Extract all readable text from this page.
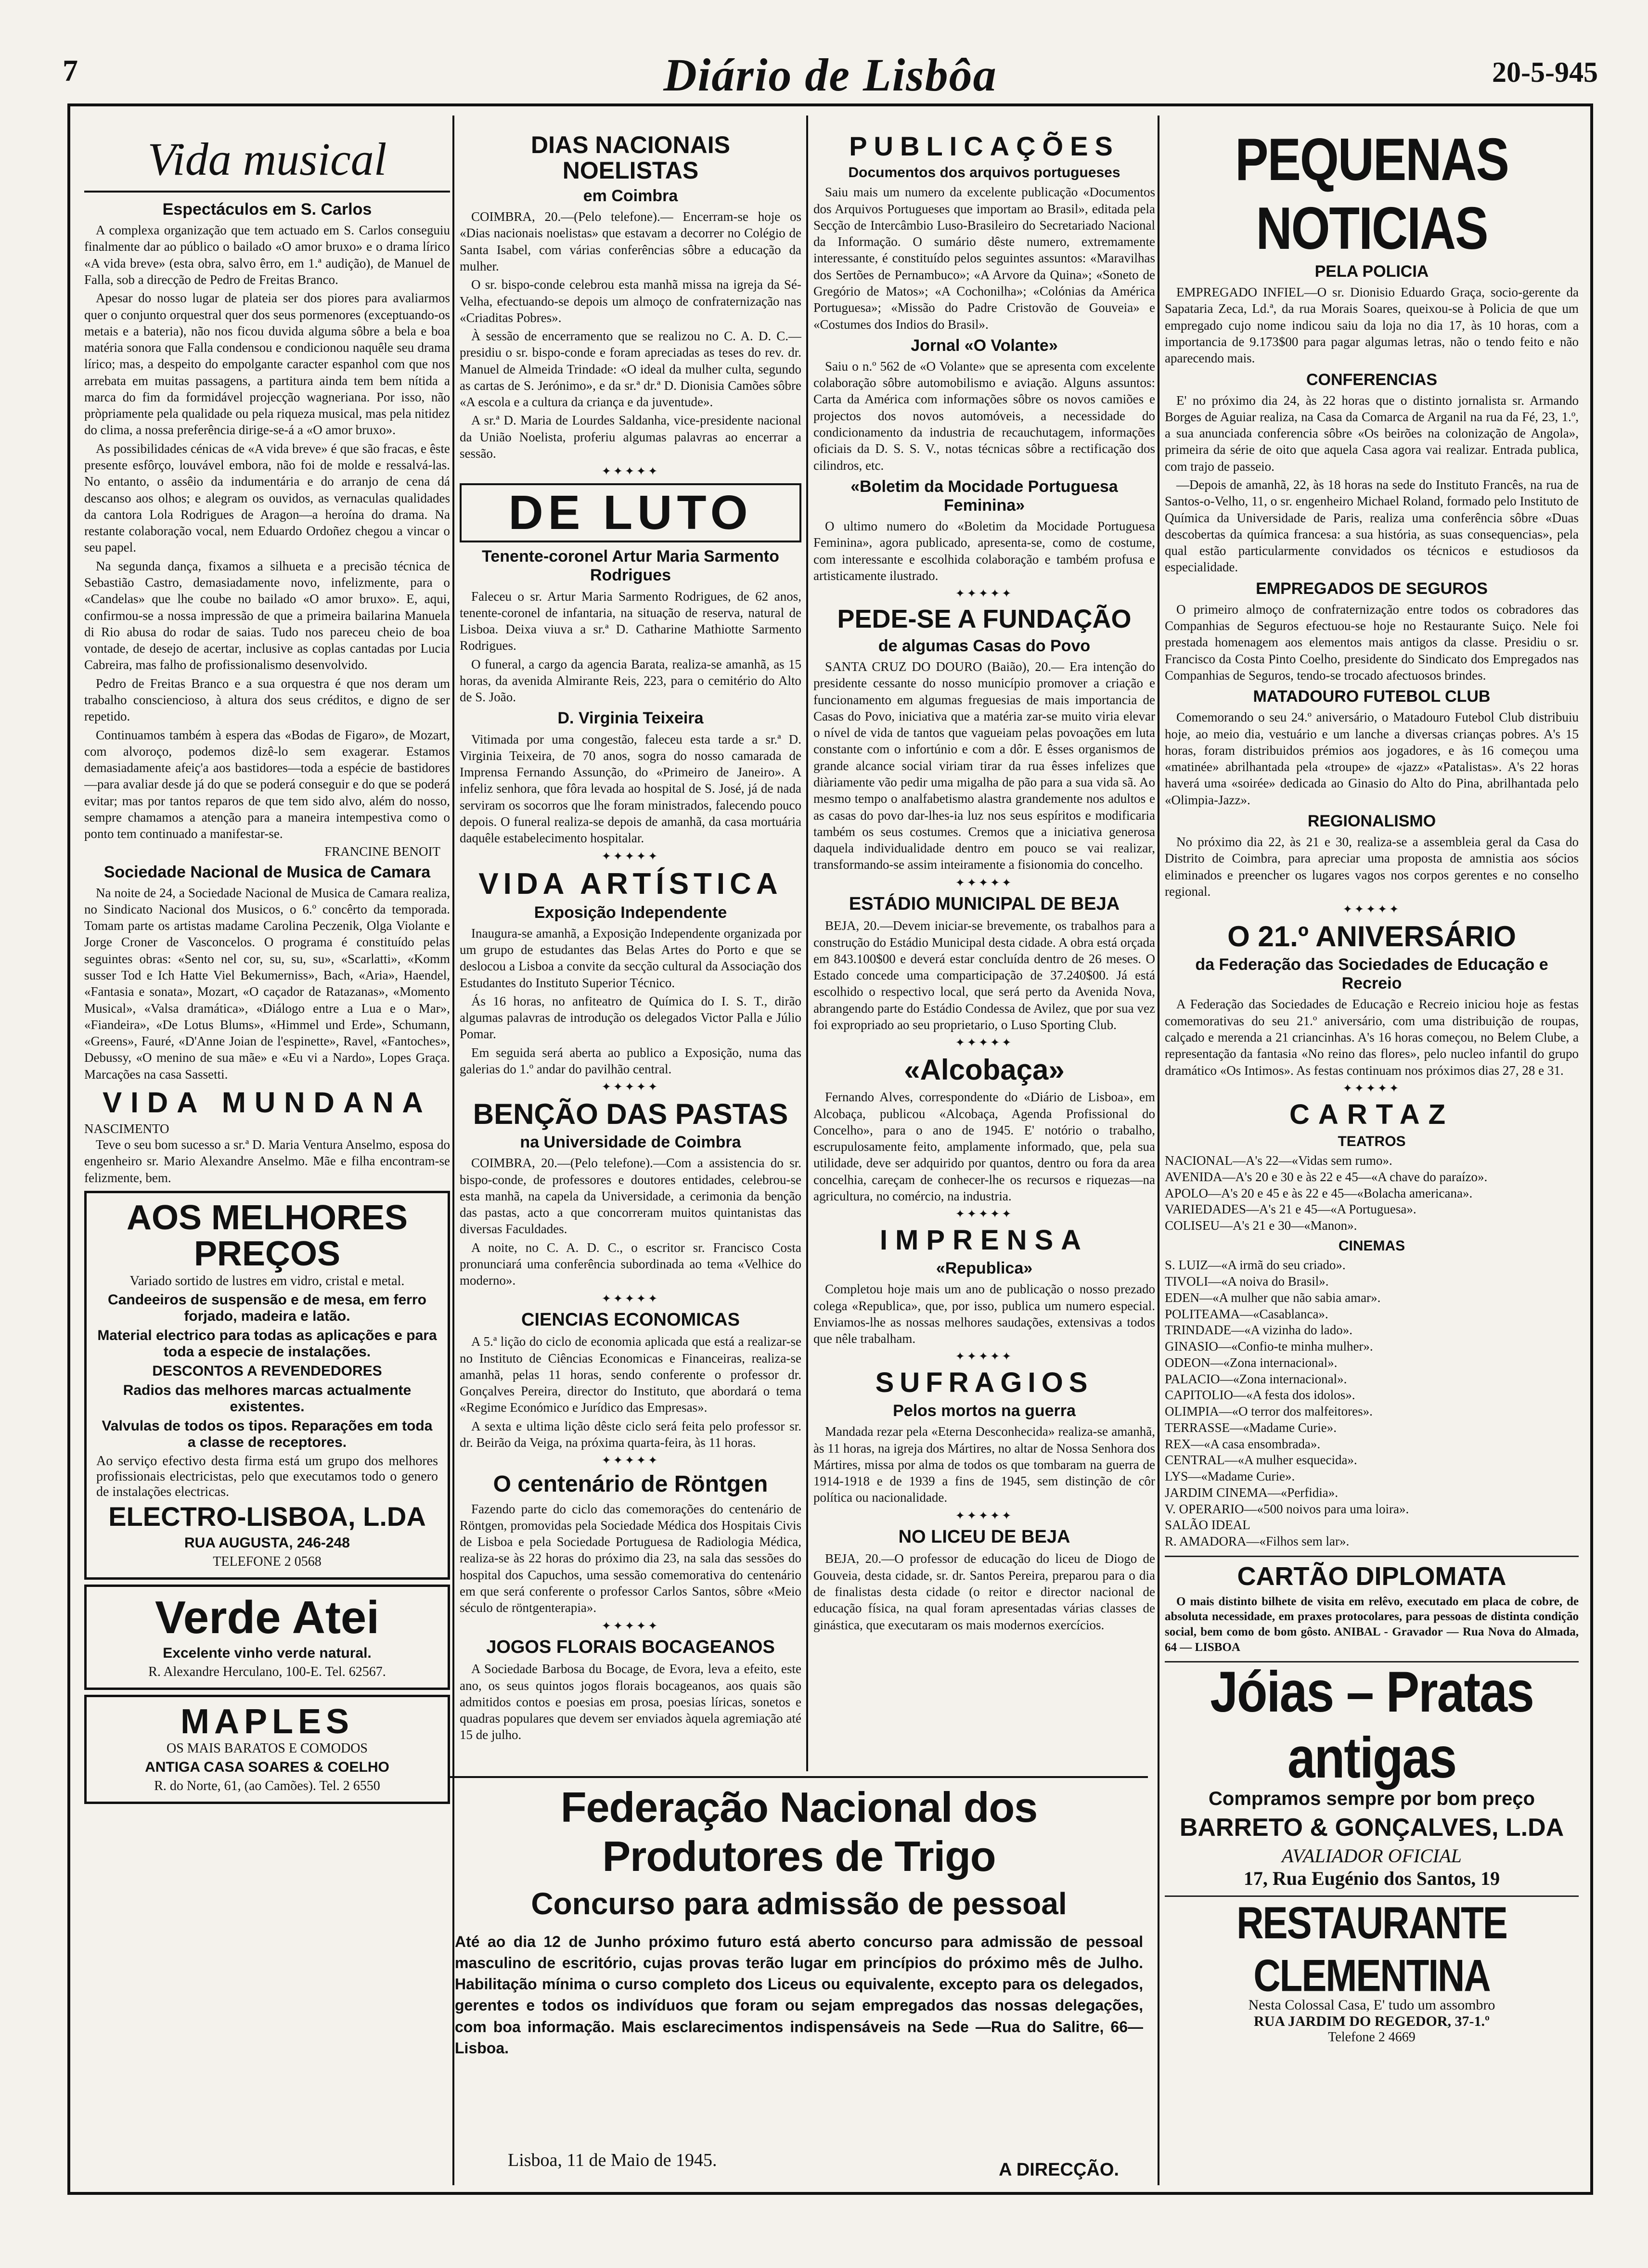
7	Diário de Lisbôa	20-5-945
Vida musical
Espectáculos em S. Carlos

A complexa organização que tem actuado em S. Carlos conseguiu finalmente dar ao público o bailado «O amor bruxo» e o drama lírico «A vida breve» (esta obra, salvo êrro, em 1.ª audição), de Manuel de Falla, sob a direcção de Pedro de Freitas Branco.

Apesar do nosso lugar de plateia ser dos piores para avaliarmos quer o conjunto orquestral quer dos seus pormenores (exceptuando-os metais e a bateria), não nos ficou duvida alguma sôbre a bela e boa matéria sonora que Falla condensou e condicionou naquêle seu drama lírico; mas, a despeito do empolgante caracter espanhol com que nos arrebata em muitas passagens, a partitura ainda tem bem nítida a marca do fim da formidável projecção wagneriana. Por isso, não pròpriamente pela qualidade ou pela riqueza musical, mas pela nitidez do clima, a nossa preferência dirige-se-á a «O amor bruxo».

As possibilidades cénicas de «A vida breve» é que são fracas, e êste presente esfôrço, louvável embora, não foi de molde e ressalvá-las. No entanto, o assêio da indumentária e do arranjo de cena dá descanso aos olhos; e alegram os ouvidos, as vernaculas qualidades da cantora Lola Rodrigues de Aragon—a heroína do drama. Na restante colaboração vocal, nem Eduardo Ordoñez chegou a vincar o seu papel.

Na segunda dança, fixamos a silhueta e a precisão técnica de Sebastião Castro, demasiadamente novo, infelizmente, para o «Candelas» que lhe coube no bailado «O amor bruxo». E, aqui, confirmou-se a nossa impressão de que a primeira bailarina Manuela di Rio abusa do rodar de saias. Tudo nos pareceu cheio de boa vontade, de desejo de acertar, inclusive as coplas cantadas por Lucia Cabreira, mas falho de profissionalismo desenvolvido.

Pedro de Freitas Branco e a sua orquestra é que nos deram um trabalho consciencioso, à altura dos seus créditos, e digno de ser repetido.

Continuamos também à espera das «Bodas de Figaro», de Mozart, com alvoroço, podemos dizê-lo sem exagerar. Estamos demasiadamente afeiç'a aos bastidores—toda a espécie de bastidores—para avaliar desde já do que se poderá conseguir e do que se poderá evitar; mas por tantos reparos de que tem sido alvo, além do nosso, sempre chamamos a atenção para a maneira intempestiva como o ponto tem continuado a manifestar-se.

FRANCINE BENOIT
Sociedade Nacional de Musica de Camara

Na noite de 24, a Sociedade Nacional de Musica de Camara realiza, no Sindicato Nacional dos Musicos, o 6.º concêrto da temporada. Tomam parte os artistas madame Carolina Peczenik, Olga Violante e Jorge Croner de Vasconcelos. O programa é constituído pelas seguintes obras: «Sento nel cor, su, su, su», «Scarlatti», «Komm susser Tod e Ich Hatte Viel Bekumerniss», Bach, «Aria», Haendel, «Fantasia e sonata», Mozart, «O caçador de Ratazanas», «Momento Musical», «Valsa dramática», «Diálogo entre a Lua e o Mar», «Fiandeira», «De Lotus Blums», «Himmel und Erde», Schumann, «Greens», Fauré, «D'Anne Joian de l'espinette», Ravel, «Fantoches», Debussy, «O menino de sua mãe» e «Eu vi a Nardo», Lopes Graça. Marcações na casa Sassetti.

VIDA MUNDANA
NASCIMENTO

Teve o seu bom sucesso a sr.ª D. Maria Ventura Anselmo, esposa do engenheiro sr. Mario Alexandre Anselmo. Mãe e filha encontram-se felizmente, bem.

AOS MELHORES PREÇOS
Variado sortido de lustres em vidro, cristal e metal.
Candeeiros de suspensão e de mesa, em ferro forjado, madeira e latão.
Material electrico para todas as aplicações e para toda a especie de instalações.
DESCONTOS A REVENDEDORES
Radios das melhores marcas actualmente existentes.
Valvulas de todos os tipos. Reparações em toda a classe de receptores.
Ao serviço efectivo desta firma está um grupo dos melhores profissionais electricistas, pelo que executamos todo o genero de instalações electricas.
ELECTRO-LISBOA, L.DA
RUA AUGUSTA, 246-248
TELEFONE 2 0568
Verde Atei
Excelente vinho verde natural.
R. Alexandre Herculano, 100-E. Tel. 62567.
MAPLES
OS MAIS BARATOS E COMODOS
ANTIGA CASA SOARES & COELHO
R. do Norte, 61, (ao Camões). Tel. 2 6550
DIAS NACIONAIS NOELISTAS
em Coimbra

COIMBRA, 20.—(Pelo telefone).— Encerram-se hoje os «Dias nacionais noelistas» que estavam a decorrer no Colégio de Santa Isabel, com várias conferências sôbre a educação da mulher.

O sr. bispo-conde celebrou esta manhã missa na igreja da Sé-Velha, efectuando-se depois um almoço de confraternização nas «Criaditas Pobres».

À sessão de encerramento que se realizou no C. A. D. C.—presidiu o sr. bispo-conde e foram apreciadas as teses do rev. dr. Manuel de Almeida Trindade: «O ideal da mulher culta, segundo as cartas de S. Jerónimo», e da sr.ª dr.ª D. Dionisia Camões sôbre «A escola e a cultura da criança e da juventude».

A sr.ª D. Maria de Lourdes Saldanha, vice-presidente nacional da União Noelista, proferiu algumas palavras ao encerrar a sessão.

✦✦✦✦✦
DE LUTO
Tenente-coronel Artur Maria Sarmento Rodrigues

Faleceu o sr. Artur Maria Sarmento Rodrigues, de 62 anos, tenente-coronel de infantaria, na situação de reserva, natural de Lisboa. Deixa viuva a sr.ª D. Catharine Mathiotte Sarmento Rodrigues.

O funeral, a cargo da agencia Barata, realiza-se amanhã, as 15 horas, da avenida Almirante Reis, 223, para o cemitério do Alto de S. João.

D. Virginia Teixeira

Vitimada por uma congestão, faleceu esta tarde a sr.ª D. Virginia Teixeira, de 70 anos, sogra do nosso camarada de Imprensa Fernando Assunção, do «Primeiro de Janeiro». A infeliz senhora, que fôra levada ao hospital de S. José, já de nada serviram os socorros que lhe foram ministrados, falecendo pouco depois. O funeral realiza-se depois de amanhã, da casa mortuária daquêle estabelecimento hospitalar.

✦✦✦✦✦
VIDA ARTÍSTICA
Exposição Independente

Inaugura-se amanhã, a Exposição Independente organizada por um grupo de estudantes das Belas Artes do Porto e que se deslocou a Lisboa a convite da secção cultural da Associação dos Estudantes do Instituto Superior Técnico.

Ás 16 horas, no anfiteatro de Química do I. S. T., dirão algumas palavras de introdução os delegados Victor Palla e Júlio Pomar.

Em seguida será aberta ao publico a Exposição, numa das galerias do 1.º andar do pavilhão central.

✦✦✦✦✦
BENÇÃO DAS PASTAS
na Universidade de Coimbra

COIMBRA, 20.—(Pelo telefone).—Com a assistencia do sr. bispo-conde, de professores e doutores entidades, celebrou-se esta manhã, na capela da Universidade, a cerimonia da benção das pastas, acto a que concorreram muitos quintanistas das diversas Faculdades.

A noite, no C. A. D. C., o escritor sr. Francisco Costa pronunciará uma conferência subordinada ao tema «Velhice do moderno».

✦✦✦✦✦
CIENCIAS ECONOMICAS

A 5.ª lição do ciclo de economia aplicada que está a realizar-se no Instituto de Ciências Economicas e Financeiras, realiza-se amanhã, pelas 11 horas, sendo conferente o professor dr. Gonçalves Pereira, director do Instituto, que abordará o tema «Regime Económico e Jurídico das Empresas».

A sexta e ultima lição dêste ciclo será feita pelo professor sr. dr. Beirão da Veiga, na próxima quarta-feira, às 11 horas.

✦✦✦✦✦
O centenário de Röntgen

Fazendo parte do ciclo das comemorações do centenário de Röntgen, promovidas pela Sociedade Médica dos Hospitais Civis de Lisboa e pela Sociedade Portuguesa de Radiologia Médica, realiza-se às 22 horas do próximo dia 23, na sala das sessões do hospital dos Capuchos, uma sessão comemorativa do centenário em que será conferente o professor Carlos Santos, sôbre «Meio século de röntgenterapia».

✦✦✦✦✦
JOGOS FLORAIS BOCAGEANOS

A Sociedade Barbosa du Bocage, de Evora, leva a efeito, este ano, os seus quintos jogos florais bocageanos, aos quais são admitidos contos e poesias em prosa, poesias líricas, sonetos e quadras populares que devem ser enviados àquela agremiação até 15 de julho.

PUBLICAÇÕES
Documentos dos arquivos portugueses

Saiu mais um numero da excelente publicação «Documentos dos Arquivos Portugueses que importam ao Brasil», editada pela Secção de Intercâmbio Luso-Brasileiro do Secretariado Nacional da Informação. O sumário dêste numero, extremamente interessante, é constituído pelos seguintes assuntos: «Maravilhas dos Sertões de Pernambuco»; «A Arvore da Quina»; «Soneto de Gregório de Matos»; «A Cochonilha»; «Colónias da América Portuguesa»; «Missão do Padre Cristovão de Gouveia» e «Costumes dos Indios do Brasil».

Jornal «O Volante»

Saiu o n.º 562 de «O Volante» que se apresenta com excelente colaboração sôbre automobilismo e aviação. Alguns assuntos: Carta da América com informações sôbre os novos camiões e projectos dos novos automóveis, a necessidade do condicionamento da industria de recauchutagem, informações oficiais da D. S. S. V., notas técnicas sôbre a rectificação dos cilindros, etc.

«Boletim da Mocidade Portuguesa Feminina»

O ultimo numero do «Boletim da Mocidade Portuguesa Feminina», agora publicado, apresenta-se, como de costume, com interessante e escolhida colaboração e também profusa e artisticamente ilustrado.

✦✦✦✦✦
PEDE-SE A FUNDAÇÃO
de algumas Casas do Povo

SANTA CRUZ DO DOURO (Baião), 20.— Era intenção do presidente cessante do nosso município promover a criação e funcionamento em algumas freguesias de mais importancia de Casas do Povo, iniciativa que a matéria zar-se muito viria elevar o nível de vida de tantos que vagueiam pelas povoações em luta constante com o infortúnio e com a dôr. E êsses organismos de grande alcance social viriam tirar da rua êsses infelizes que diàriamente vão pedir uma migalha de pão para a sua vida sã. Ao mesmo tempo o analfabetismo alastra grandemente nos adultos e as casas do povo dar-lhes-ia luz nos seus espíritos e modificaria também os seus costumes. Cremos que a iniciativa generosa daquela individualidade dentro em pouco se vai realizar, transformando-se assim inteiramente a fisionomia do concelho.

✦✦✦✦✦
ESTÁDIO MUNICIPAL DE BEJA

BEJA, 20.—Devem iniciar-se brevemente, os trabalhos para a construção do Estádio Municipal desta cidade. A obra está orçada em 843.100$00 e deverá estar concluída dentro de 26 meses. O Estado concede uma comparticipação de 37.240$00. Já está escolhido o respectivo local, que será perto da Avenida Nova, abrangendo parte do Estádio Condessa de Avilez, que por sua vez foi expropriado ao seu proprietario, o Luso Sporting Club.

✦✦✦✦✦
«Alcobaça»

Fernando Alves, correspondente do «Diário de Lisboa», em Alcobaça, publicou «Alcobaça, Agenda Profissional do Concelho», para o ano de 1945. E' notório o trabalho, escrupulosamente feito, amplamente informado, que, pela sua utilidade, deve ser adquirido por quantos, dentro ou fora da area concelhia, careçam de conhecer-lhe os recursos e riquezas—na agricultura, no comércio, na industria.

✦✦✦✦✦
IMPRENSA
«Republica»

Completou hoje mais um ano de publicação o nosso prezado colega «Republica», que, por isso, publica um numero especial. Enviamos-lhe as nossas melhores saudações, extensivas a todos que nêle trabalham.

✦✦✦✦✦
SUFRAGIOS
Pelos mortos na guerra

Mandada rezar pela «Eterna Desconhecida» realiza-se amanhã, às 11 horas, na igreja dos Mártires, no altar de Nossa Senhora dos Mártires, missa por alma de todos os que tombaram na guerra de 1914-1918 e de 1939 a fins de 1945, sem distinção de côr política ou nacionalidade.

✦✦✦✦✦
NO LICEU DE BEJA

BEJA, 20.—O professor de educação do liceu de Diogo de Gouveia, desta cidade, sr. dr. Santos Pereira, preparou para o dia de finalistas desta cidade (o reitor e director nacional de educação física, na qual foram apresentadas várias classes de ginástica, que executaram os mais modernos exercícios.

Federação Nacional dos Produtores de Trigo
Concurso para admissão de pessoal
Até ao dia 12 de Junho próximo futuro está aberto concurso para admissão de pessoal masculino de escritório, cujas provas terão lugar em princípios do próximo mês de Julho. Habilitação mínima o curso completo dos Liceus ou equivalente, excepto para os delegados, gerentes e todos os indivíduos que foram ou sejam empregados das nossas delegações, com boa informação. Mais esclarecimentos indispensáveis na Sede —Rua do Salitre, 66—Lisboa.
Lisboa, 11 de Maio de 1945.	A DIRECÇÃO.
PEQUENAS NOTICIAS
PELA POLICIA

EMPREGADO INFIEL—O sr. Dionisio Eduardo Graça, socio-gerente da Sapataria Zeca, Ld.ª, da rua Morais Soares, queixou-se à Policia de que um empregado cujo nome indicou saiu da loja no dia 17, às 10 horas, com a importancia de 9.173$00 para pagar algumas letras, não o tendo feito e não aparecendo mais.

CONFERENCIAS

E' no próximo dia 24, às 22 horas que o distinto jornalista sr. Armando Borges de Aguiar realiza, na Casa da Comarca de Arganil na rua da Fé, 23, 1.º, a sua anunciada conferencia sôbre «Os beirões na colonização de Angola», primeira da série de oito que aquela Casa agora vai realizar. Entrada publica, com trajo de passeio.

—Depois de amanhã, 22, às 18 horas na sede do Instituto Francês, na rua de Santos-o-Velho, 11, o sr. engenheiro Michael Roland, formado pelo Instituto de Química da Universidade de Paris, realiza uma conferência sôbre «Duas descobertas da química francesa: a sua história, as suas consequencias», pela qual estão particularmente convidados os técnicos e estudiosos da especialidade.

EMPREGADOS DE SEGUROS

O primeiro almoço de confraternização entre todos os cobradores das Companhias de Seguros efectuou-se hoje no Restaurante Suiço. Nele foi prestada homenagem aos elementos mais antigos da classe. Presidiu o sr. Francisco da Costa Pinto Coelho, presidente do Sindicato dos Empregados nas Companhias de Seguros, tendo-se trocado afectuosos brindes.

MATADOURO FUTEBOL CLUB

Comemorando o seu 24.º aniversário, o Matadouro Futebol Club distribuiu hoje, ao meio dia, vestuário e um lanche a diversas crianças pobres. A's 15 horas, foram distribuidos prémios aos jogadores, e às 16 começou uma «matinée» abrilhantada pela «troupe» de «jazz» «Patalistas». A's 22 horas haverá uma «soirée» dedicada ao Ginasio do Alto do Pina, abrilhantada pelo «Olimpia-Jazz».

REGIONALISMO

No próximo dia 22, às 21 e 30, realiza-se a assembleia geral da Casa do Distrito de Coimbra, para apreciar uma proposta de amnistia aos sócios eliminados e preencher os lugares vagos nos corpos gerentes e no conselho regional.

✦✦✦✦✦
O 21.º ANIVERSÁRIO
da Federação das Sociedades de Educação e Recreio

A Federação das Sociedades de Educação e Recreio iniciou hoje as festas comemorativas do seu 21.º aniversário, com uma distribuição de roupas, calçado e merenda a 21 criancinhas. A's 16 horas começou, no Belem Clube, a representação da fantasia «No reino das flores», pelo nucleo infantil do grupo dramático «Os Intimos». As festas continuam nos próximos dias 27, 28 e 31.

✦✦✦✦✦
CARTAZ
TEATROS
NACIONAL—A's 22—«Vidas sem rumo».
AVENIDA—A's 20 e 30 e às 22 e 45—«A chave do paraízo».
APOLO—A's 20 e 45 e às 22 e 45—«Bolacha americana».
VARIEDADES—A's 21 e 45—«A Portuguesa».
COLISEU—A's 21 e 30—«Manon».
CINEMAS
S. LUIZ—«A irmã do seu criado».
TIVOLI—«A noiva do Brasil».
EDEN—«A mulher que não sabia amar».
POLITEAMA—«Casablanca».
TRINDADE—«A vizinha do lado».
GINASIO—«Confio-te minha mulher».
ODEON—«Zona internacional».
PALACIO—«Zona internacional».
CAPITOLIO—«A festa dos idolos».
OLIMPIA—«O terror dos malfeitores».
TERRASSE—«Madame Curie».
REX—«A casa ensombrada».
CENTRAL—«A mulher esquecida».
LYS—«Madame Curie».
JARDIM CINEMA—«Perfidia».
V. OPERARIO—«500 noivos para uma loira».
SALÃO IDEAL
R. AMADORA—«Filhos sem lar».
CARTÃO DIPLOMATA

O mais distinto bilhete de visita em relêvo, executado em placa de cobre, de absoluta necessidade, em praxes protocolares, para pessoas de distinta condição social, bem como de bom gôsto. ANIBAL - Gravador — Rua Nova do Almada, 64 — LISBOA

Jóias – Pratas antigas
Compramos sempre por bom preço
BARRETO & GONÇALVES, L.DA
AVALIADOR OFICIAL
17, Rua Eugénio dos Santos, 19
RESTAURANTE CLEMENTINA
Nesta Colossal Casa, E' tudo um assombro
RUA JARDIM DO REGEDOR, 37-1.º
Telefone 2 4669
